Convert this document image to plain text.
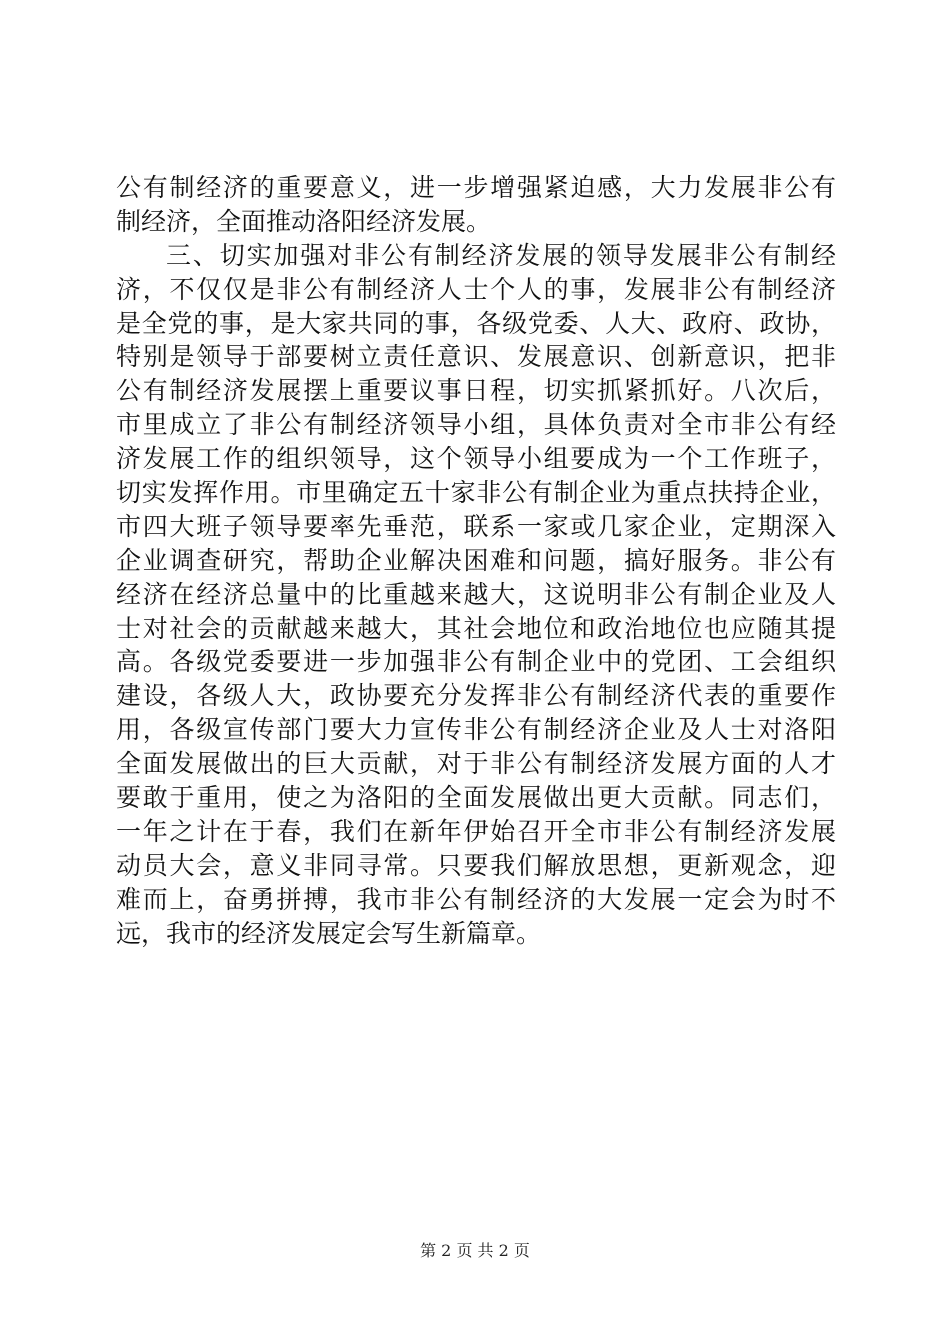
公有制经济的重要意义，进一步增强紧迫感，大力发展非公有
制经济，全面推动洛阳经济发展。
三、切实加强对非公有制经济发展的领导发展非公有制经
济，不仅仅是非公有制经济人士个人的事，发展非公有制经济
是全党的事，是大家共同的事，各级党委、人大、政府、政协，
特别是领导于部要树立责任意识、发展意识、创新意识，把非
公有制经济发展摆上重要议事日程，切实抓紧抓好。八次后，
市里成立了非公有制经济领导小组，具体负责对全市非公有经
济发展工作的组织领导，这个领导小组要成为一个工作班子，
切实发挥作用。市里确定五十家非公有制企业为重点扶持企业，
市四大班子领导要率先垂范，联系一家或几家企业，定期深入
企业调查研究，帮助企业解决困难和问题，搞好服务。非公有
经济在经济总量中的比重越来越大，这说明非公有制企业及人
士对社会的贡献越来越大，其社会地位和政治地位也应随其提
高。各级党委要进一步加强非公有制企业中的党团、工会组织
建设，各级人大，政协要充分发挥非公有制经济代表的重要作
用，各级宣传部门要大力宣传非公有制经济企业及人士对洛阳
全面发展做出的巨大贡献，对于非公有制经济发展方面的人才
要敢于重用，使之为洛阳的全面发展做出更大贡献。同志们，
一年之计在于春，我们在新年伊始召开全市非公有制经济发展
动员大会，意义非同寻常。只要我们解放思想，更新观念，迎
难而上，奋勇拼搏，我市非公有制经济的大发展一定会为时不
远，我市的经济发展定会写生新篇章。
第 2 页 共 2 页
